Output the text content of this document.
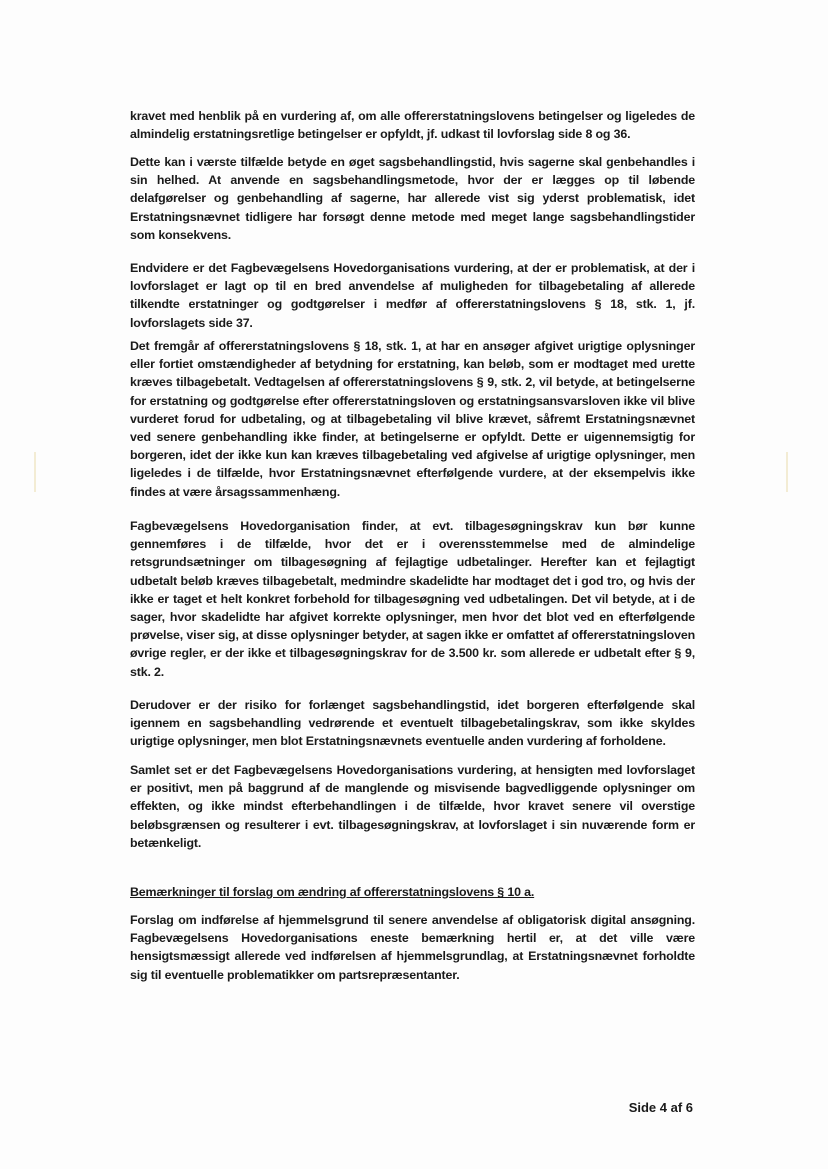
kravet med henblik på en vurdering af, om alle offererstatningslovens betingelser og ligeledes de almindelig erstatningsretlige betingelser er opfyldt, jf. udkast til lovforslag side 8 og 36.

Dette kan i værste tilfælde betyde en øget sagsbehandlingstid, hvis sagerne skal genbehandles i sin helhed. At anvende en sagsbehandlingsmetode, hvor der er lægges op til løbende delafgørelser og genbehandling af sagerne, har allerede vist sig yderst problematisk, idet Erstatningsnævnet tidligere har forsøgt denne metode med meget lange sagsbehandlingstider som konsekvens.

Endvidere er det Fagbevægelsens Hovedorganisations vurdering, at der er problematisk, at der i lovforslaget er lagt op til en bred anvendelse af muligheden for tilbagebetaling af allerede tilkendte erstatninger og godtgørelser i medfør af offererstatningslovens § 18, stk. 1, jf. lovforslagets side 37.

Det fremgår af offererstatningslovens § 18, stk. 1, at har en ansøger afgivet urigtige oplysninger eller fortiet omstændigheder af betydning for erstatning, kan beløb, som er modtaget med urette kræves tilbagebetalt. Vedtagelsen af offererstatningslovens § 9, stk. 2, vil betyde, at betingelserne for erstatning og godtgørelse efter offererstatningsloven og erstatningsansvarsloven ikke vil blive vurderet forud for udbetaling, og at tilbagebetaling vil blive krævet, såfremt Erstatningsnævnet ved senere genbehandling ikke finder, at betingelserne er opfyldt. Dette er uigennemsigtig for borgeren, idet der ikke kun kan kræves tilbagebetaling ved afgivelse af urigtige oplysninger, men ligeledes i de tilfælde, hvor Erstatningsnævnet efterfølgende vurdere, at der eksempelvis ikke findes at være årsagssammenhæng.

Fagbevægelsens Hovedorganisation finder, at evt. tilbagesøgningskrav kun bør kunne gennemføres i de tilfælde, hvor det er i overensstemmelse med de almindelige retsgrundsætninger om tilbagesøgning af fejlagtige udbetalinger. Herefter kan et fejlagtigt udbetalt beløb kræves tilbagebetalt, medmindre skadelidte har modtaget det i god tro, og hvis der ikke er taget et helt konkret forbehold for tilbagesøgning ved udbetalingen. Det vil betyde, at i de sager, hvor skadelidte har afgivet korrekte oplysninger, men hvor det blot ved en efterfølgende prøvelse, viser sig, at disse oplysninger betyder, at sagen ikke er omfattet af offererstatningsloven øvrige regler, er der ikke et tilbagesøgningskrav for de 3.500 kr. som allerede er udbetalt efter § 9, stk. 2.

Derudover er der risiko for forlænget sagsbehandlingstid, idet borgeren efterfølgende skal igennem en sagsbehandling vedrørende et eventuelt tilbagebetalingskrav, som ikke skyldes urigtige oplysninger, men blot Erstatningsnævnets eventuelle anden vurdering af forholdene.

Samlet set er det Fagbevægelsens Hovedorganisations vurdering, at hensigten med lovforslaget er positivt, men på baggrund af de manglende og misvisende bagvedliggende oplysninger om effekten, og ikke mindst efterbehandlingen i de tilfælde, hvor kravet senere vil overstige beløbsgrænsen og resulterer i evt. tilbagesøgningskrav, at lovforslaget i sin nuværende form er betænkeligt.

Bemærkninger til forslag om ændring af offererstatningslovens § 10 a.

Forslag om indførelse af hjemmelsgrund til senere anvendelse af obligatorisk digital ansøgning. Fagbevægelsens Hovedorganisations eneste bemærkning hertil er, at det ville være hensigtsmæssigt allerede ved indførelsen af hjemmelsgrundlag, at Erstatningsnævnet forholdte sig til eventuelle problematikker om partsrepræsentanter.

Side 4 af 6
